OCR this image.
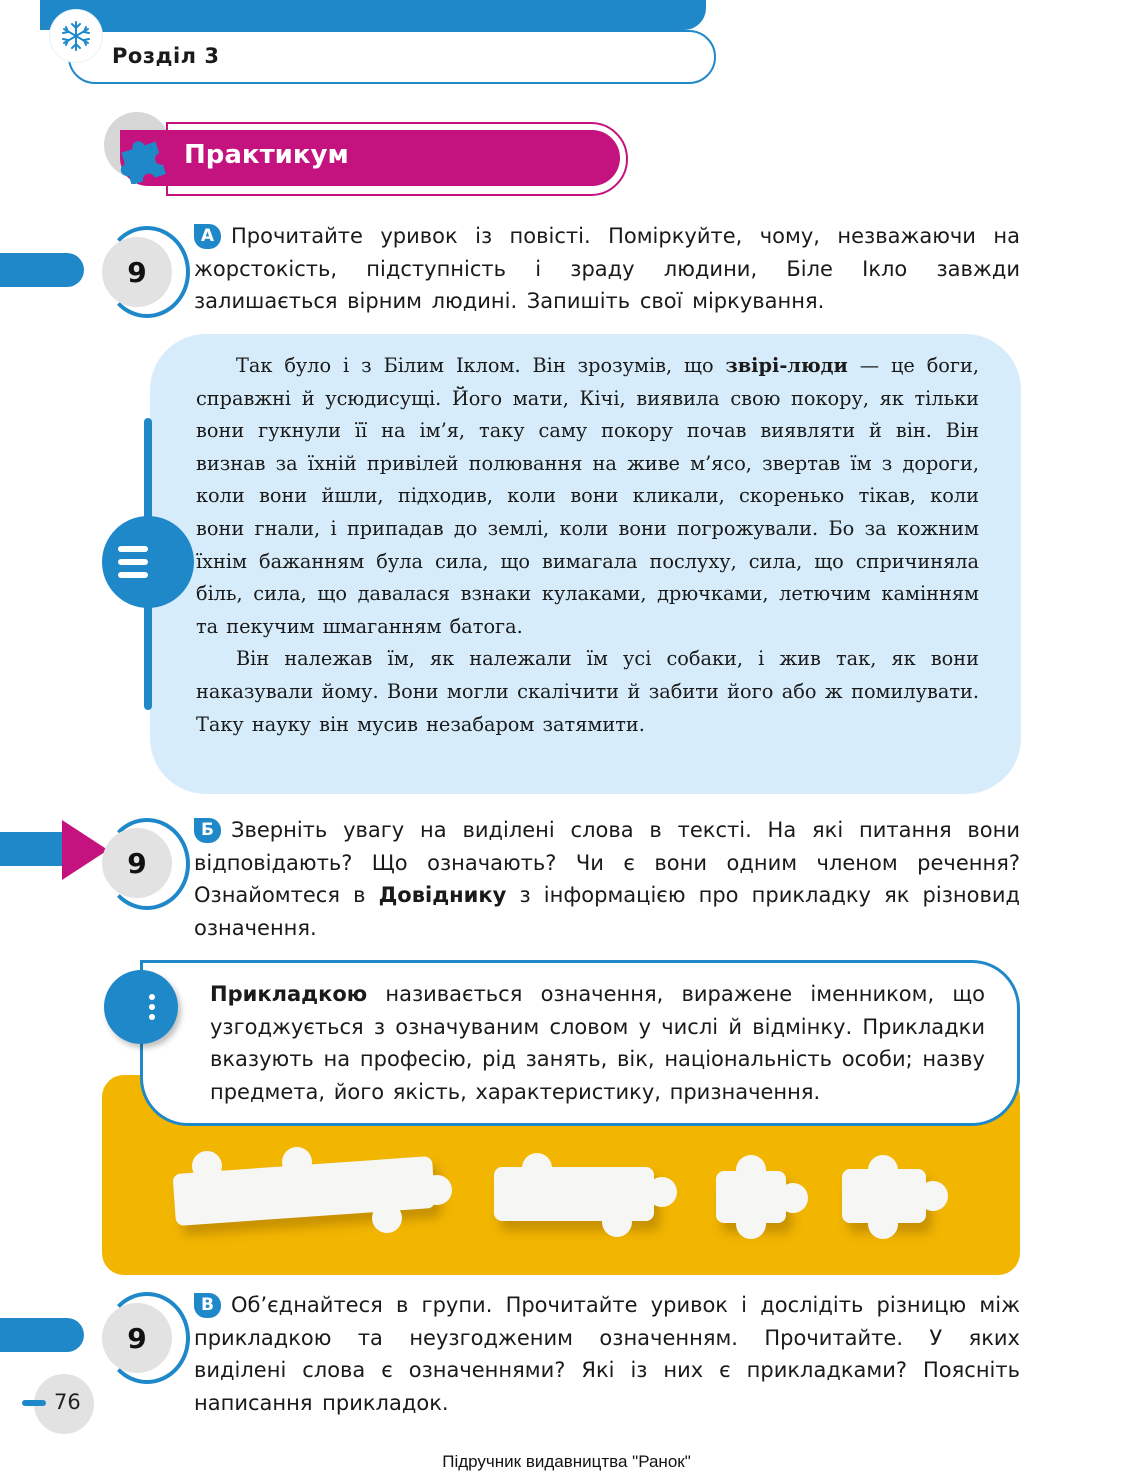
Розділ 3
Практикум
9
А Прочитайте уривок із повісті. Поміркуйте, чому, незважаючи на жорстокість, підступність і зраду людини, Біле Ікло завжди залишається вірним людині. Запишіть свої міркування.

Так було і з Білим Іклом. Він зрозумів, що звірі-люди — це боги, справжні й усюдисущі. Його мати, Кічі, виявила свою покору, як тільки вони гукнули її на ім’я, таку саму покору почав виявляти й він. Він визнав за їхній привілей полювання на живе м’ясо, звертав їм з дороги, коли вони йшли, підходив, коли вони кликали, скоренько тікав, коли вони гнали, і припадав до землі, коли вони погрожували. Бо за кожним їхнім бажанням була сила, що вимагала послуху, сила, що спричиняла біль, сила, що давалася взнаки кулаками, дрючками, летючим камінням та пекучим шмаганням батога.

Він належав їм, як належали їм усі собаки, і жив так, як вони наказували йому. Вони могли скалічити й забити його або ж помилувати. Таку науку він мусив незабаром затямити.

9
Б Зверніть увагу на виділені слова в тексті. На які питання вони відповідають? Що означають? Чи є вони одним членом речення? Ознайомтеся в Довіднику з інформацією про прикладку як різновид означення.
Прикладкою називається означення, виражене іменником, що узгоджується з означуваним словом у числі й відмінку. Прикладки вказують на професію, рід занять, вік, національність особи; назву предмета, його якість, характеристику, призначення.
9
В Об’єднайтеся в групи. Прочитайте уривок і дослідіть різницю між прикладкою та неузгодженим означенням. Прочитайте. У яких виділені слова є означеннями? Які із них є прикладками? Поясніть написання прикладок.
76
Підручник видавництва "Ранок"
